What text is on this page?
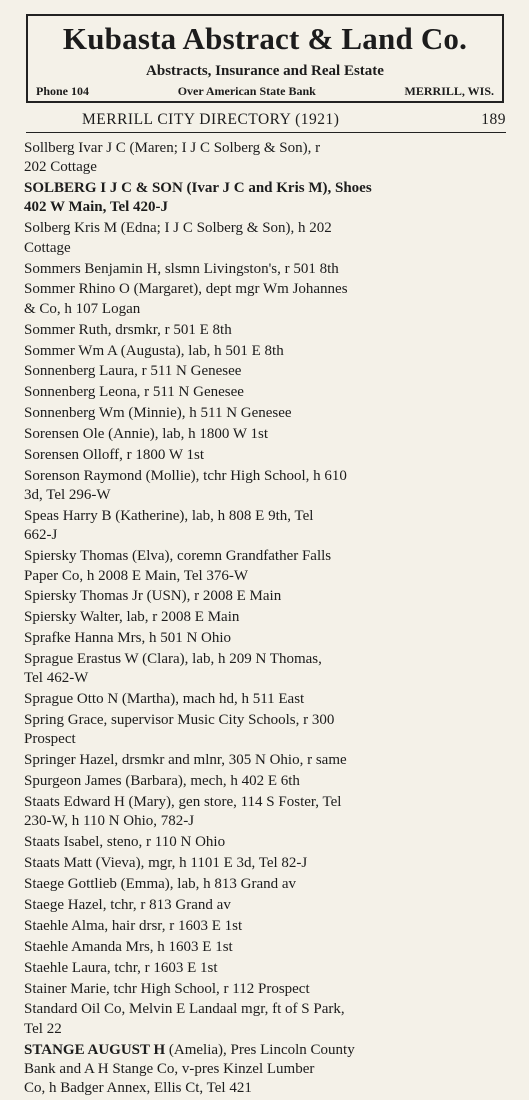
Kubasta Abstract & Land Co.
Abstracts, Insurance and Real Estate
Phone 104	Over American State Bank	MERRILL, WIS.
MERRILL CITY DIRECTORY (1921)	189
Sollberg Ivar J C (Maren; I J C Solberg & Son), r
202 Cottage
SOLBERG I J C & SON (Ivar J C and Kris M), Shoes
402 W Main, Tel 420-J
Solberg Kris M (Edna; I J C Solberg & Son), h 202
Cottage
Sommers Benjamin H, slsmn Livingston's, r 501 8th
Sommer Rhino O (Margaret), dept mgr Wm Johannes
& Co, h 107 Logan
Sommer Ruth, drsmkr, r 501 E 8th
Sommer Wm A (Augusta), lab, h 501 E 8th
Sonnenberg Laura, r 511 N Genesee
Sonnenberg Leona, r 511 N Genesee
Sonnenberg Wm (Minnie), h 511 N Genesee
Sorensen Ole (Annie), lab, h 1800 W 1st
Sorensen Olloff, r 1800 W 1st
Sorenson Raymond (Mollie), tchr High School, h 610
3d, Tel 296-W
Speas Harry B (Katherine), lab, h 808 E 9th, Tel
662-J
Spiersky Thomas (Elva), coremn Grandfather Falls
Paper Co, h 2008 E Main, Tel 376-W
Spiersky Thomas Jr (USN), r 2008 E Main
Spiersky Walter, lab, r 2008 E Main
Sprafke Hanna Mrs, h 501 N Ohio
Sprague Erastus W (Clara), lab, h 209 N Thomas,
Tel 462-W
Sprague Otto N (Martha), mach hd, h 511 East
Spring Grace, supervisor Music City Schools, r 300
Prospect
Springer Hazel, drsmkr and mlnr, 305 N Ohio, r same
Spurgeon James (Barbara), mech, h 402 E 6th
Staats Edward H (Mary), gen store, 114 S Foster, Tel
230-W, h 110 N Ohio, 782-J
Staats Isabel, steno, r 110 N Ohio
Staats Matt (Vieva), mgr, h 1101 E 3d, Tel 82-J
Staege Gottlieb (Emma), lab, h 813 Grand av
Staege Hazel, tchr, r 813 Grand av
Staehle Alma, hair drsr, r 1603 E 1st
Staehle Amanda Mrs, h 1603 E 1st
Staehle Laura, tchr, r 1603 E 1st
Stainer Marie, tchr High School, r 112 Prospect
Standard Oil Co, Melvin E Landaal mgr, ft of S Park,
Tel 22
STANGE AUGUST H (Amelia), Pres Lincoln County
Bank and A H Stange Co, v-pres Kinzel Lumber
Co, h Badger Annex, Ellis Ct, Tel 421
